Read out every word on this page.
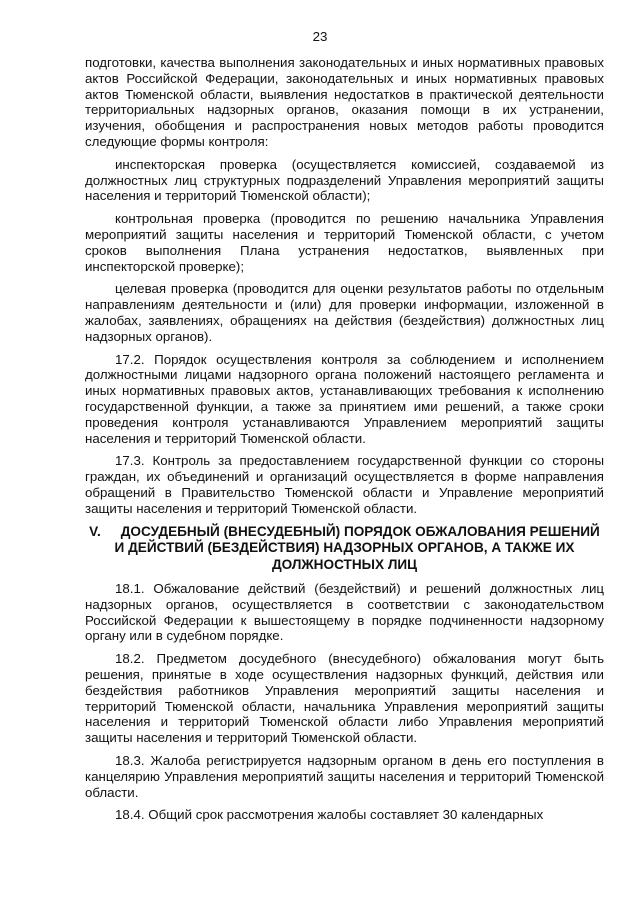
23

подготовки, качества выполнения законодательных и иных нормативных правовых актов Российской Федерации, законодательных и иных нормативных правовых актов Тюменской области, выявления недостатков в практической деятельности территориальных надзорных органов, оказания помощи в их устранении, изучения, обобщения и распространения новых методов работы проводится следующие формы контроля:

инспекторская проверка (осуществляется комиссией, создаваемой из должностных лиц структурных подразделений Управления мероприятий защиты населения и территорий Тюменской области);

контрольная проверка (проводится по решению начальника Управления мероприятий защиты населения и территорий Тюменской области, с учетом сроков выполнения Плана устранения недостатков, выявленных при инспекторской проверке);

целевая проверка (проводится для оценки результатов работы по отдельным направлениям деятельности и (или) для проверки информации, изложенной в жалобах, заявлениях, обращениях на действия (бездействия) должностных лиц надзорных органов).

17.2. Порядок осуществления контроля за соблюдением и исполнением должностными лицами надзорного органа положений настоящего регламента и иных нормативных правовых актов, устанавливающих требования к исполнению государственной функции, а также за принятием ими решений, а также сроки проведения контроля устанавливаются Управлением мероприятий защиты населения и территорий Тюменской области.

17.3. Контроль за предоставлением государственной функции со стороны граждан, их объединений и организаций осуществляется в форме направления обращений в Правительство Тюменской области и Управление мероприятий защиты населения и территорий Тюменской области.

V. ДОСУДЕБНЫЙ (ВНЕСУДЕБНЫЙ) ПОРЯДОК ОБЖАЛОВАНИЯ РЕШЕНИЙ И ДЕЙСТВИЙ (БЕЗДЕЙСТВИЯ) НАДЗОРНЫХ ОРГАНОВ, А ТАКЖЕ ИХ ДОЛЖНОСТНЫХ ЛИЦ

18.1. Обжалование действий (бездействий) и решений должностных лиц надзорных органов, осуществляется в соответствии с законодательством Российской Федерации к вышестоящему в порядке подчиненности надзорному органу или в судебном порядке.

18.2. Предметом досудебного (внесудебного) обжалования могут быть решения, принятые в ходе осуществления надзорных функций, действия или бездействия работников Управления мероприятий защиты населения и территорий Тюменской области, начальника Управления мероприятий защиты населения и территорий Тюменской области либо Управления мероприятий защиты населения и территорий Тюменской области.

18.3. Жалоба регистрируется надзорным органом в день его поступления в канцелярию Управления мероприятий защиты населения и территорий Тюменской области.

18.4. Общий срок рассмотрения жалобы составляет 30 календарных
